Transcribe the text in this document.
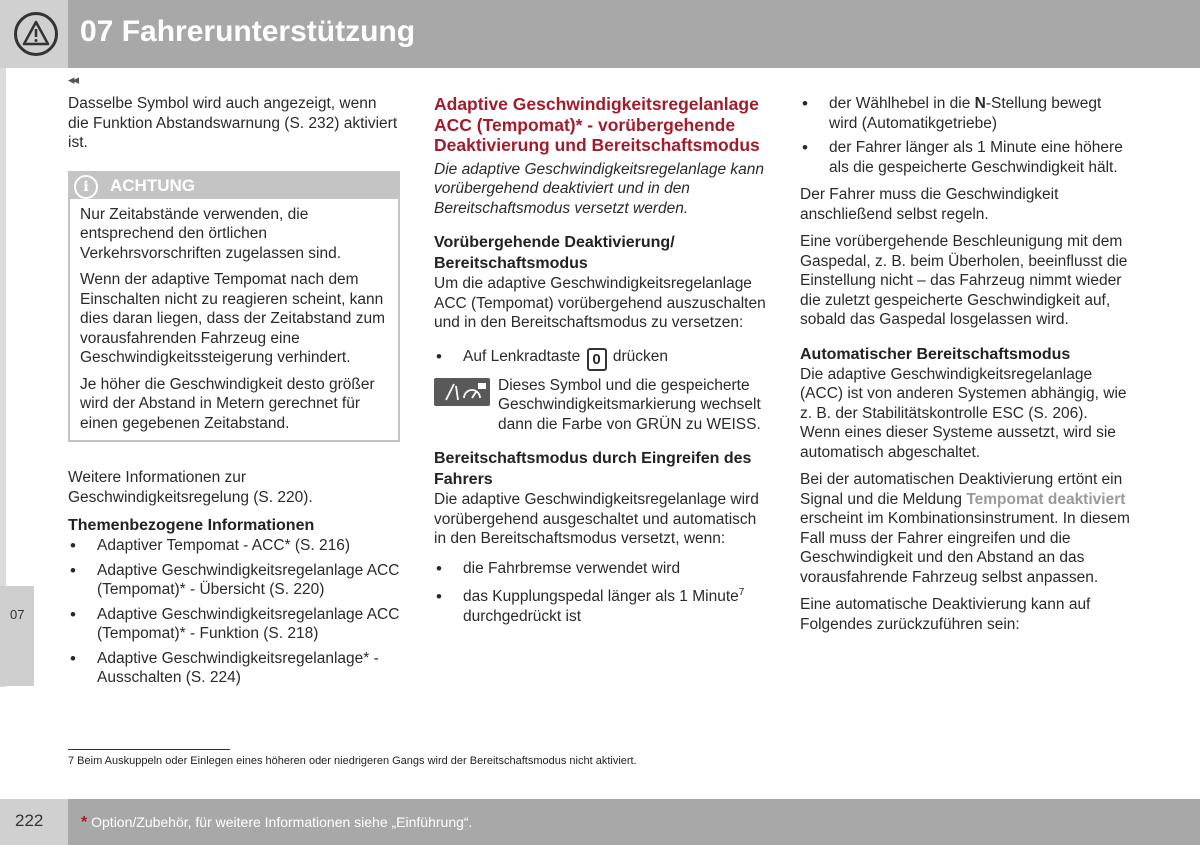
07 Fahrerunterstützung
◂◂
07

Dasselbe Symbol wird auch angezeigt, wenn die Funktion Abstandswarnung (S. 232) aktiviert ist.

i	ACHTUNG

Nur Zeitabstände verwenden, die entsprechend den örtlichen Verkehrsvorschriften zugelassen sind.

Wenn der adaptive Tempomat nach dem Einschalten nicht zu reagieren scheint, kann dies daran liegen, dass der Zeitabstand zum vorausfahrenden Fahrzeug eine Geschwindigkeitssteigerung verhindert.

Je höher die Geschwindigkeit desto größer wird der Abstand in Metern gerechnet für einen gegebenen Zeitabstand.

Weitere Informationen zur Geschwindigkeitsregelung (S. 220).

Themenbezogene Informationen
• Adaptiver Tempomat - ACC* (S. 216)
• Adaptive Geschwindigkeitsregelanlage ACC (Tempomat)* - Übersicht (S. 220)
• Adaptive Geschwindigkeitsregelanlage ACC (Tempomat)* - Funktion (S. 218)
• Adaptive Geschwindigkeitsregelanlage* - Ausschalten (S. 224)
Adaptive Geschwindigkeitsregelanlage ACC (Tempomat)* - vorübergehende Deaktivierung und Bereitschaftsmodus

Die adaptive Geschwindigkeitsregelanlage kann vorübergehend deaktiviert und in den Bereitschaftsmodus versetzt werden.

Vorübergehende Deaktivierung/ Bereitschaftsmodus

Um die adaptive Geschwindigkeitsregelanlage ACC (Tempomat) vorübergehend auszuschalten und in den Bereitschaftsmodus zu versetzen:

• Auf Lenkradtaste 0 drücken
Dieses Symbol und die gespeicherte Geschwindigkeitsmarkierung wechselt dann die Farbe von GRÜN zu WEISS.
Bereitschaftsmodus durch Eingreifen des Fahrers

Die adaptive Geschwindigkeitsregelanlage wird vorübergehend ausgeschaltet und automatisch in den Bereitschaftsmodus versetzt, wenn:

• die Fahrbremse verwendet wird
• das Kupplungspedal länger als 1 Minute$^7$ durchgedrückt ist
• der Wählhebel in die N-Stellung bewegt wird (Automatikgetriebe)
• der Fahrer länger als 1 Minute eine höhere als die gespeicherte Geschwindigkeit hält.

Der Fahrer muss die Geschwindigkeit anschließend selbst regeln.

Eine vorübergehende Beschleunigung mit dem Gaspedal, z. B. beim Überholen, beeinflusst die Einstellung nicht – das Fahrzeug nimmt wieder die zuletzt gespeicherte Geschwindigkeit auf, sobald das Gaspedal losgelassen wird.

Automatischer Bereitschaftsmodus

Die adaptive Geschwindigkeitsregelanlage (ACC) ist von anderen Systemen abhängig, wie z. B. der Stabilitätskontrolle ESC (S. 206). Wenn eines dieser Systeme aussetzt, wird sie automatisch abgeschaltet.

Bei der automatischen Deaktivierung ertönt ein Signal und die Meldung Tempomat deaktiviert erscheint im Kombinationsinstrument. In diesem Fall muss der Fahrer eingreifen und die Geschwindigkeit und den Abstand an das vorausfahrende Fahrzeug selbst anpassen.

Eine automatische Deaktivierung kann auf Folgendes zurückzuführen sein:

7 Beim Auskuppeln oder Einlegen eines höheren oder niedrigeren Gangs wird der Bereitschaftsmodus nicht aktiviert.
222 * Option/Zubehör, für weitere Informationen siehe „Einführung“.
